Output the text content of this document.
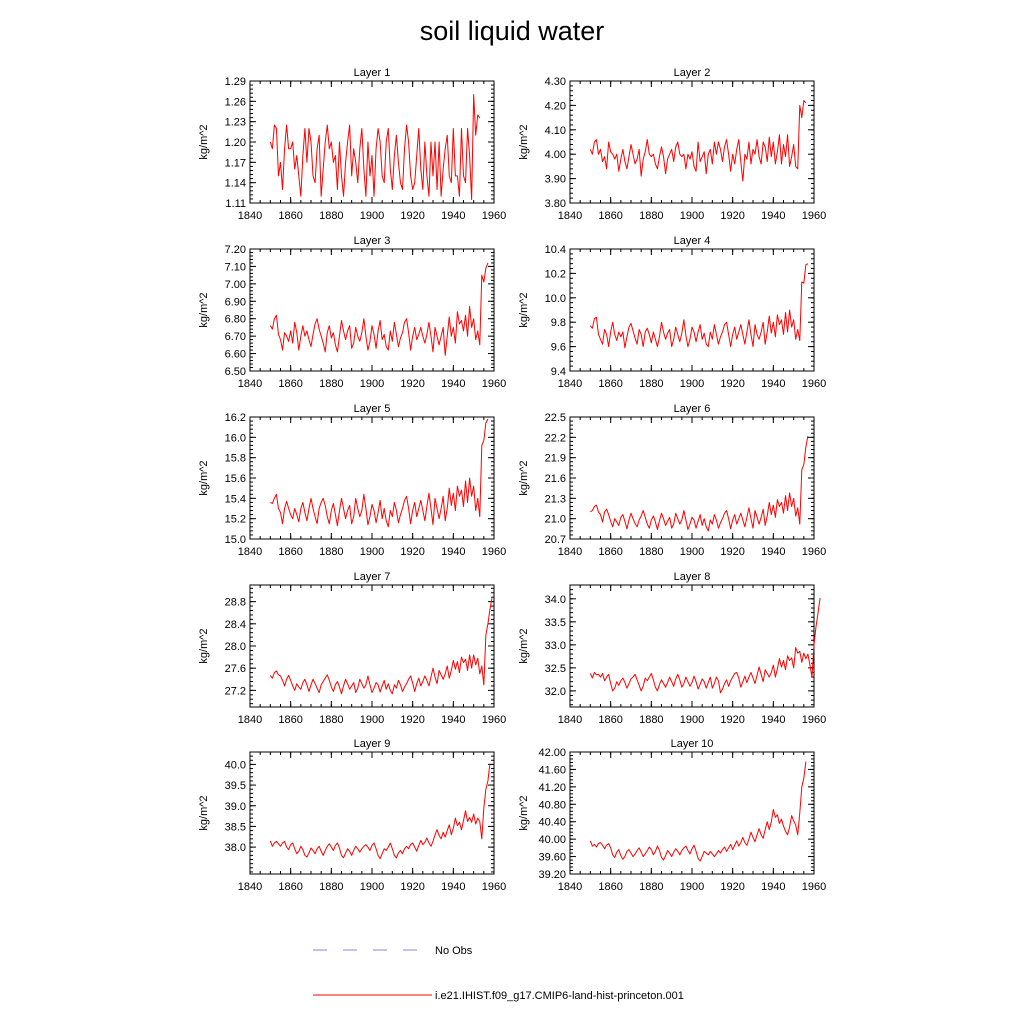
soil liquid water
Layer 1
kg/m^2
1840 1860 1880 1900 1920 1940 1960
1.11
1.14
1.17
1.20
1.23
1.26
1.29
Layer 2
kg/m^2
1840 1860 1880 1900 1920 1940 1960
3.80
3.90
4.00
4.10
4.20
4.30
Layer 3
kg/m^2
1840 1860 1880 1900 1920 1940 1960
6.50
6.60
6.70
6.80
6.90
7.00
7.10
7.20
Layer 4
kg/m^2
1840 1860 1880 1900 1920 1940 1960
9.4
9.6
9.8
10.0
10.2
10.4
Layer 5
kg/m^2
1840 1860 1880 1900 1920 1940 1960
15.0
15.2
15.4
15.6
15.8
16.0
16.2
Layer 6
kg/m^2
1840 1860 1880 1900 1920 1940 1960
20.7
21.0
21.3
21.6
21.9
22.2
22.5
Layer 7
kg/m^2
1840 1860 1880 1900 1920 1940 1960
27.2
27.6
28.0
28.4
28.8
Layer 8
kg/m^2
1840 1860 1880 1900 1920 1940 1960
32.0
32.5
33.0
33.5
34.0
Layer 9
kg/m^2
1840 1860 1880 1900 1920 1940 1960
38.0
38.5
39.0
39.5
40.0
Layer 10
kg/m^2
1840 1860 1880 1900 1920 1940 1960
39.20
39.60
40.00
40.40
40.80
41.20
41.60
42.00
No Obs
i.e21.IHIST.f09_g17.CMIP6-land-hist-princeton.001
